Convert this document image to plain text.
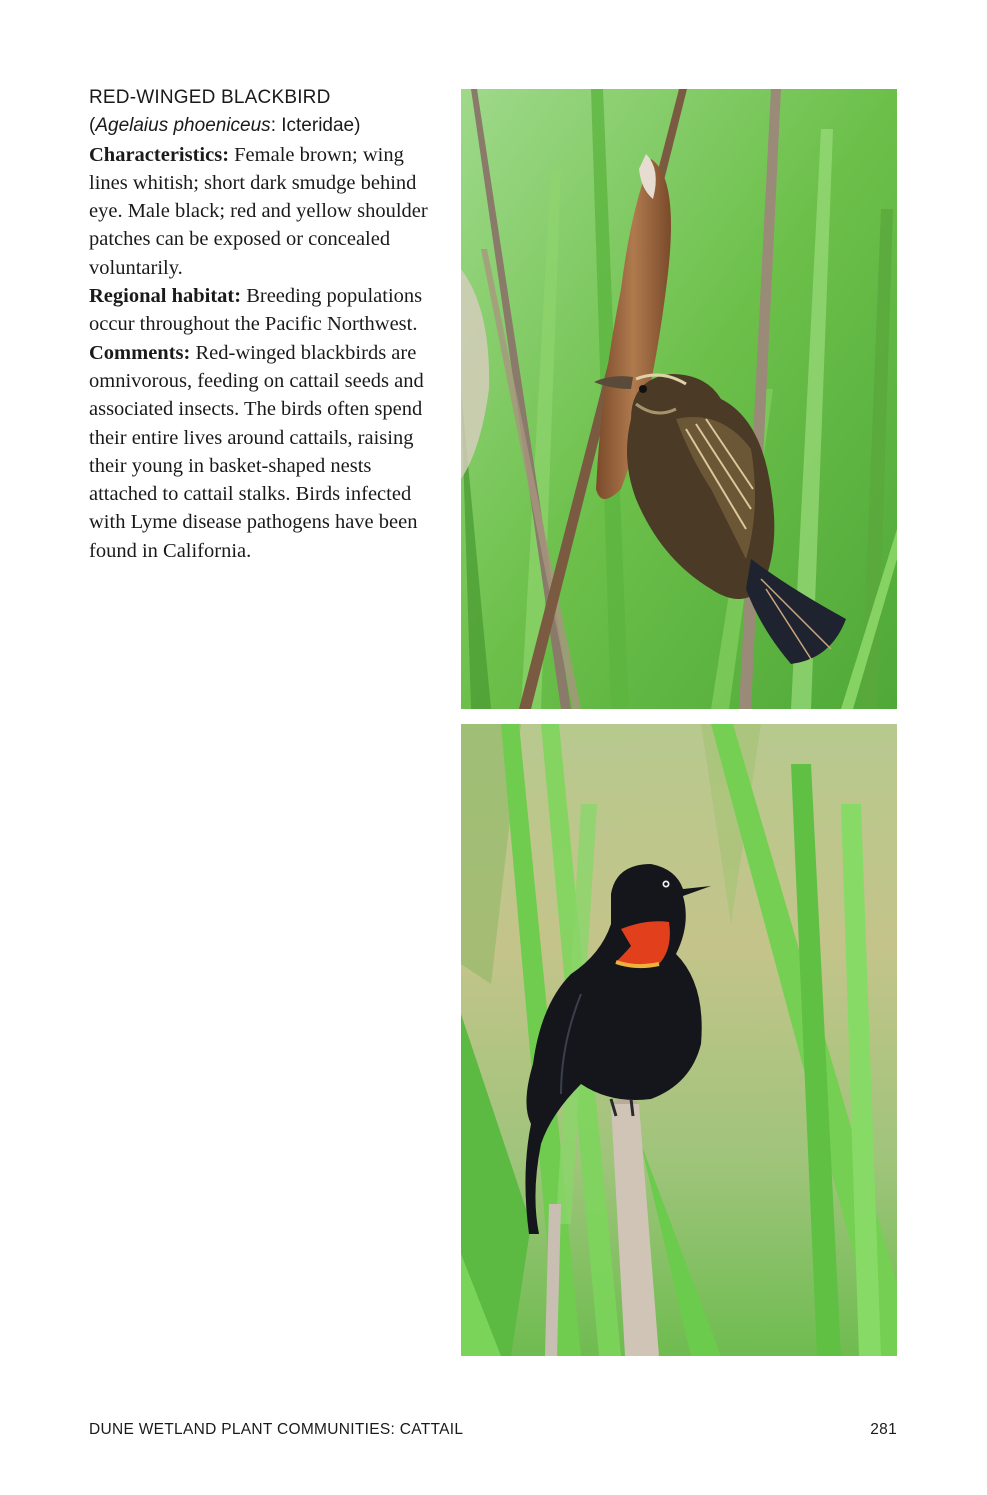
RED-WINGED BLACKBIRD
(Agelaius phoeniceus: Icteridae)
Characteristics: Female brown; wing lines whitish; short dark smudge behind eye. Male black; red and yellow shoulder patches can be exposed or concealed voluntarily.
Regional habitat: Breeding populations occur throughout the Pacific Northwest.
Comments: Red-winged blackbirds are omnivorous, feeding on cattail seeds and associated insects. The birds often spend their entire lives around cattails, raising their young in basket-shaped nests attached to cattail stalks. Birds infected with Lyme disease pathogens have been found in California.
DUNE WETLAND PLANT COMMUNITIES: CATTAIL	281
